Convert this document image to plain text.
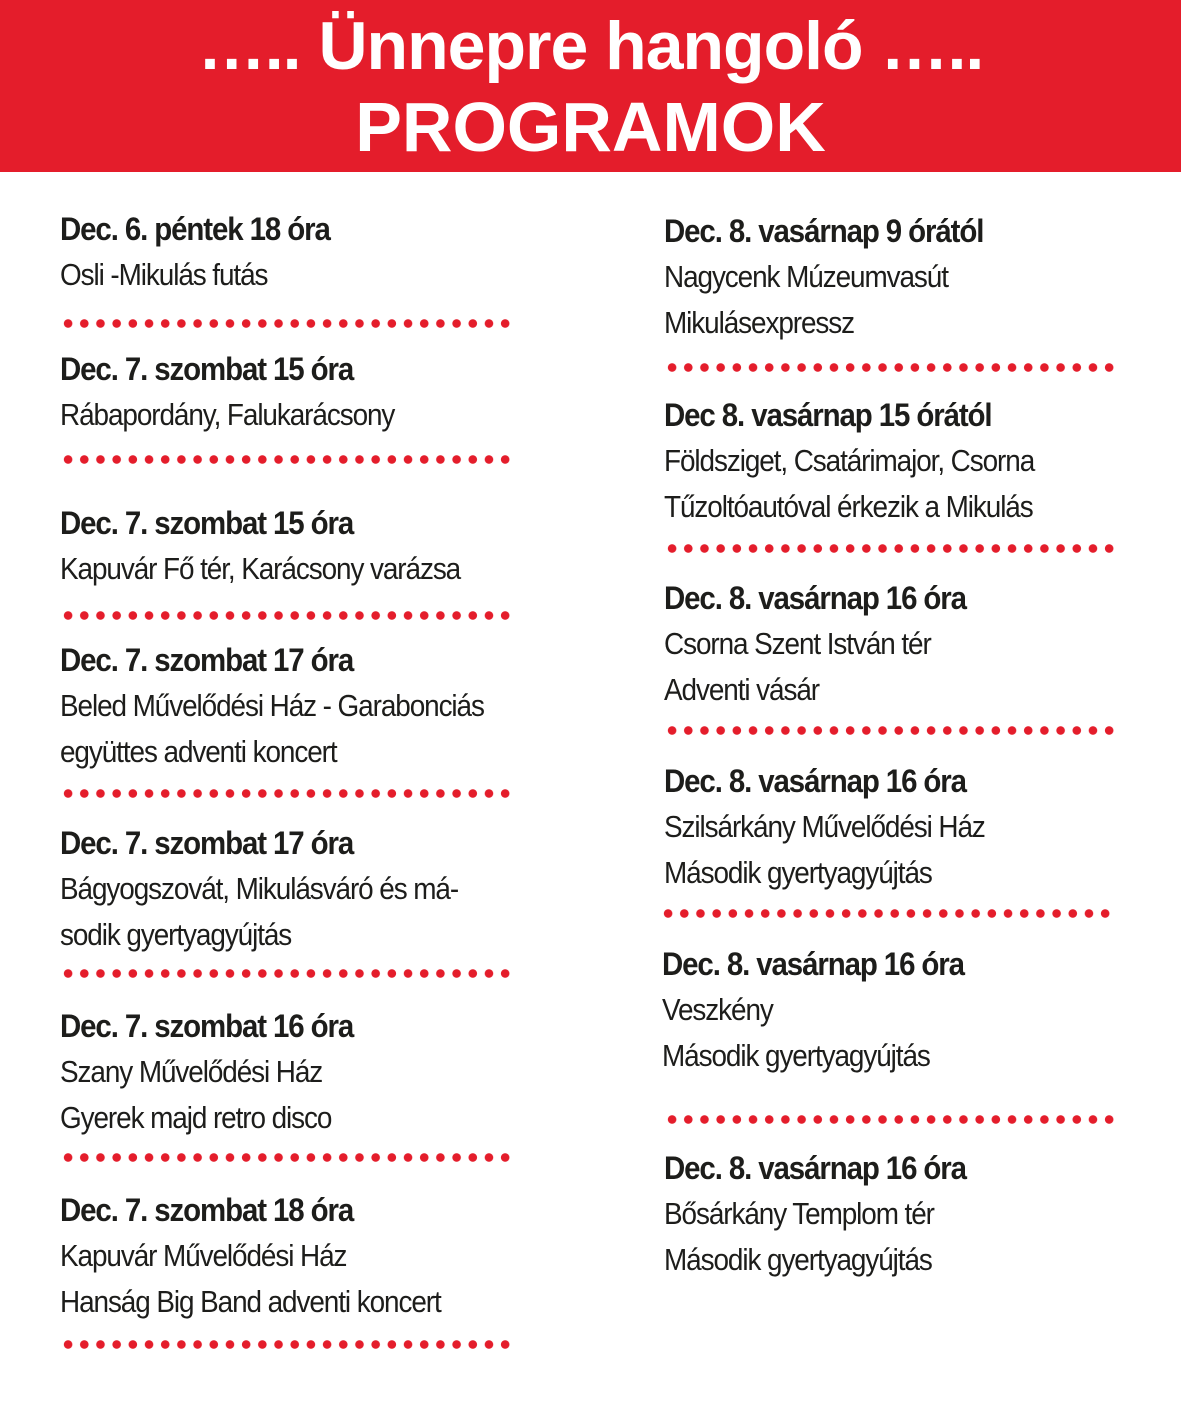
….. Ünnepre hangoló …..
PROGRAMOK
Dec. 6. péntek 18 óra
Osli -Mikulás futás
Dec. 7. szombat 15 óra
Rábapordány, Falukarácsony
Dec. 7. szombat 15 óra
Kapuvár Fő tér, Karácsony varázsa
Dec. 7. szombat 17 óra
Beled Művelődési Ház - Garabonciás
együttes adventi koncert
Dec. 7. szombat 17 óra
Bágyogszovát, Mikulásváró és má-
sodik gyertyagyújtás
Dec. 7. szombat 16 óra
Szany Művelődési Ház
Gyerek majd retro disco
Dec. 7. szombat 18 óra
Kapuvár Művelődési Ház
Hanság Big Band adventi koncert
Dec. 8. vasárnap 9 órától
Nagycenk Múzeumvasút
Mikulásexpressz
Dec 8. vasárnap 15 órától
Földsziget, Csatárimajor, Csorna
Tűzoltóautóval érkezik a Mikulás
Dec. 8. vasárnap 16 óra
Csorna Szent István tér
Adventi vásár
Dec. 8. vasárnap 16 óra
Szilsárkány Művelődési Ház
Második gyertyagyújtás
Dec. 8. vasárnap 16 óra
Veszkény
Második gyertyagyújtás
Dec. 8. vasárnap 16 óra
Bősárkány Templom tér
Második gyertyagyújtás
